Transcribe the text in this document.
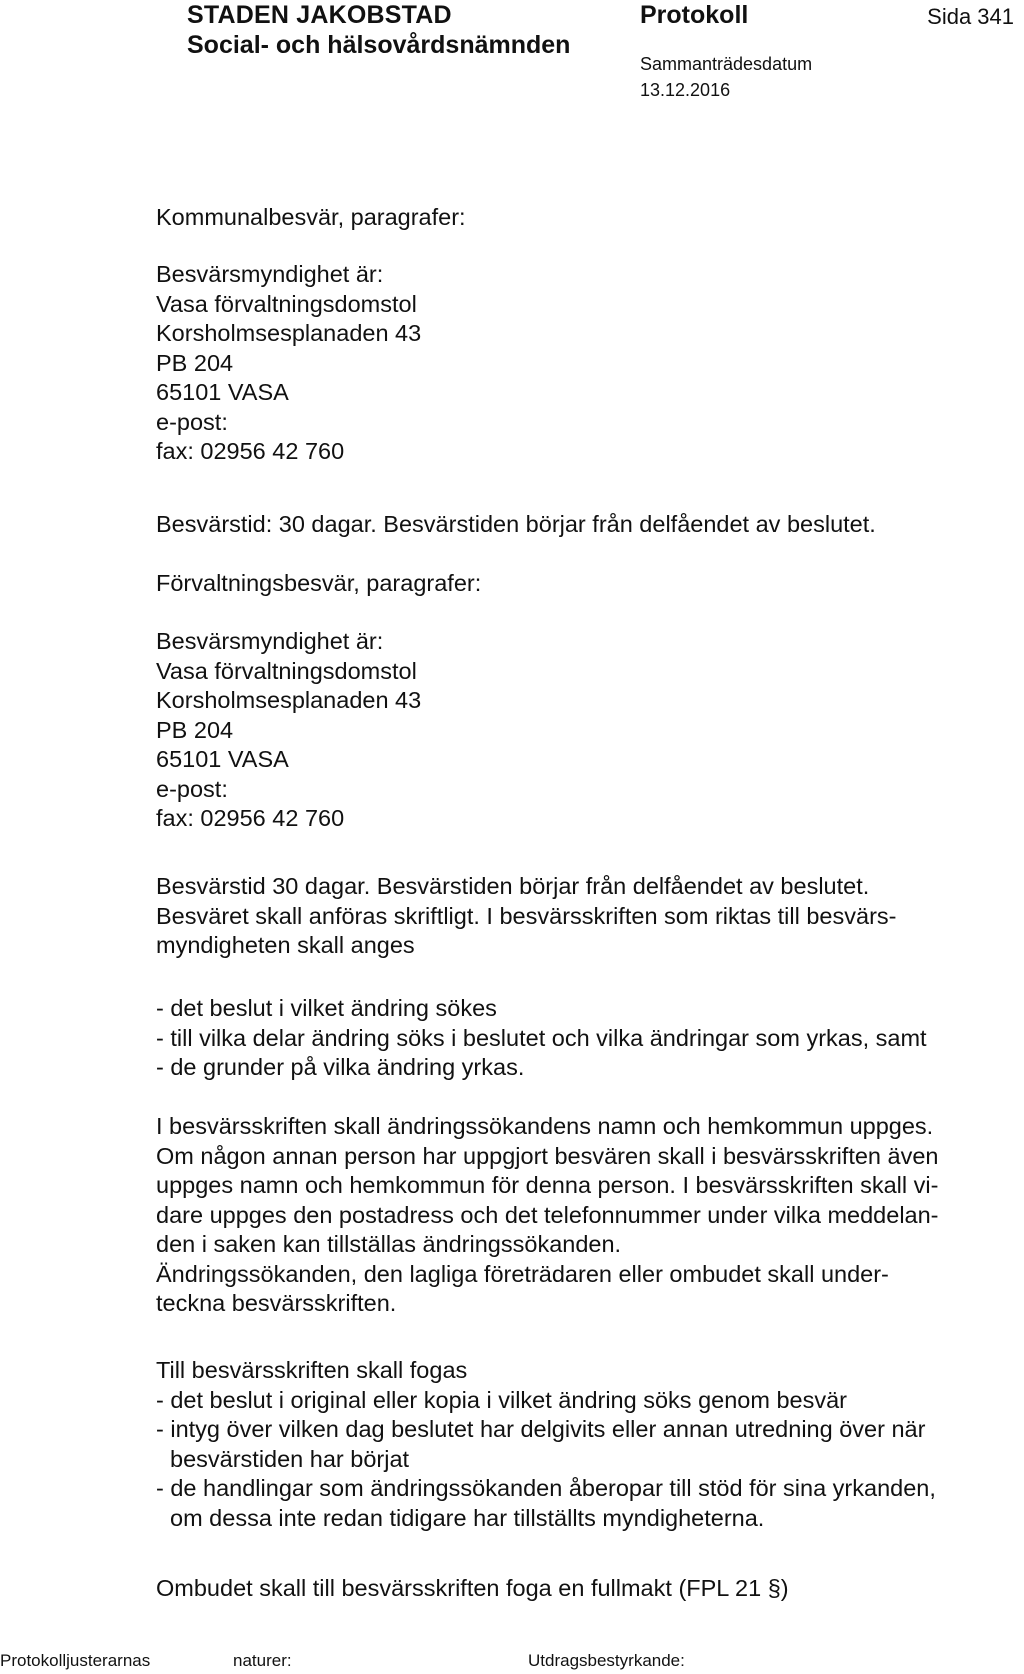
STADEN JAKOBSTAD
Social- och hälsovårdsnämnden
Protokoll	Sida 341
Sammanträdesdatum
13.12.2016
Kommunalbesvär, paragrafer:
Besvärsmyndighet är:
Vasa förvaltningsdomstol
Korsholmsesplanaden 43
PB 204
65101 VASA
e-post:
fax: 02956 42 760
Besvärstid: 30 dagar. Besvärstiden börjar från delfåendet av beslutet.
Förvaltningsbesvär, paragrafer:
Besvärsmyndighet är:
Vasa förvaltningsdomstol
Korsholmsesplanaden 43
PB 204
65101 VASA
e-post:
fax: 02956 42 760
Besvärstid 30 dagar. Besvärstiden börjar från delfåendet av beslutet.
Besväret skall anföras skriftligt. I besvärsskriften som riktas till besvärs-
myndigheten skall anges
- det beslut i vilket ändring sökes
- till vilka delar ändring söks i beslutet och vilka ändringar som yrkas, samt
- de grunder på vilka ändring yrkas.
I besvärsskriften skall ändringssökandens namn och hemkommun uppges.
Om någon annan person har uppgjort besvären skall i besvärsskriften även
uppges namn och hemkommun för denna person. I besvärsskriften skall vi-
dare uppges den postadress och det telefonnummer under vilka meddelan-
den i saken kan tillställas ändringssökanden.
Ändringssökanden, den lagliga företrädaren eller ombudet skall under-
teckna besvärsskriften.
Till besvärsskriften skall fogas
- det beslut i original eller kopia i vilket ändring söks genom besvär
- intyg över vilken dag beslutet har delgivits eller annan utredning över när
besvärstiden har börjat
- de handlingar som ändringssökanden åberopar till stöd för sina yrkanden,
om dessa inte redan tidigare har tillställts myndigheterna.
Ombudet skall till besvärsskriften foga en fullmakt (FPL 21 §)
Protokolljusterarnas	naturer:	Utdragsbestyrkande:
